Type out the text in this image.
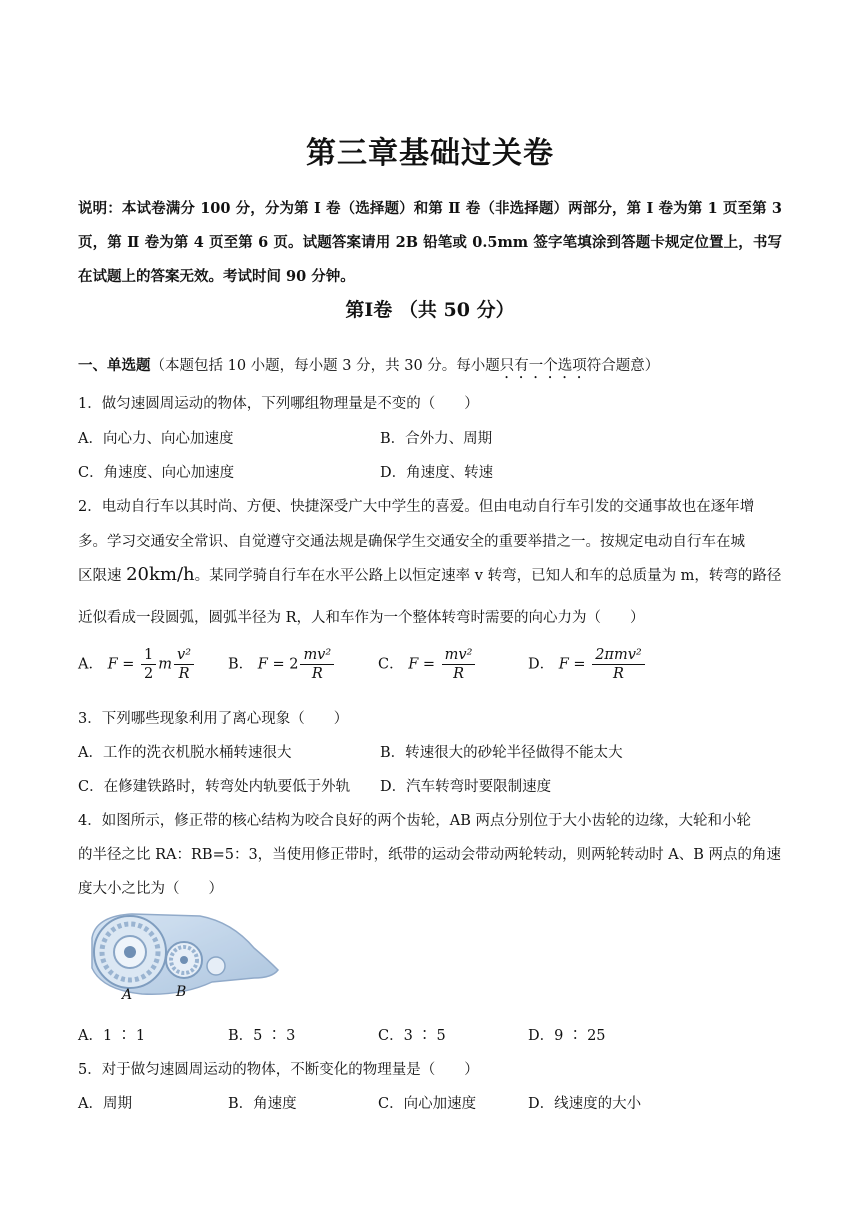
第三章基础过关卷
说明：本试卷满分 100 分，分为第 Ⅰ 卷（选择题）和第 Ⅱ 卷（非选择题）两部分，第 Ⅰ 卷为第 1 页至第 3 页，第 Ⅱ 卷为第 4 页至第 6 页。试题答案请用 2B 铅笔或 0.5mm 签字笔填涂到答题卡规定位置上，书写在试题上的答案无效。考试时间 90 分钟。
第Ⅰ卷 （共 50 分）
一、单选题（本题包括 10 小题，每小题 3 分，共 30 分。每小题只有一个选项符合题意）
1．做匀速圆周运动的物体，下列哪组物理量是不变的（　　）
A．向心力、向心加速度	B．合外力、周期
C．角速度、向心加速度	D．角速度、转速
2．电动自行车以其时尚、方便、快捷深受广大中学生的喜爱。但由电动自行车引发的交通事故也在逐年增
多。学习交通安全常识、自觉遵守交通法规是确保学生交通安全的重要举措之一。按规定电动自行车在城
区限速 20km/h。某同学骑自行车在水平公路上以恒定速率 v 转弯，已知人和车的总质量为 m，转弯的路径
近似看成一段圆弧，圆弧半径为 R，人和车作为一个整体转弯时需要的向心力为（　　）
A． $F = \frac{1}{2}$ m $\frac{\text{v²}}{R}$ B． $F = 2 \frac{\text{mv²}}{R}$	C． $F = \frac{\text{mv²}}{R}$	D． $F = \frac{\text{2πmv²}}{R}$
3．下列哪些现象利用了离心现象（　　）
A．工作的洗衣机脱水桶转速很大	B．转速很大的砂轮半径做得不能太大
C．在修建铁路时，转弯处内轨要低于外轨 D．汽车转弯时要限制速度
4．如图所示，修正带的核心结构为咬合良好的两个齿轮，AB 两点分别位于大小齿轮的边缘，大轮和小轮
的半径之比 RA：RB=5：3，当使用修正带时，纸带的运动会带动两轮转动，则两轮转动时 A、B 两点的角速
度大小之比为（　　）
A	B
A．1 ∶ 1	B．5 ∶ 3	C．3 ∶ 5	D．9 ∶ 25
5．对于做匀速圆周运动的物体，不断变化的物理量是（　　）
A．周期	B．角速度	C．向心加速度	D．线速度的大小
